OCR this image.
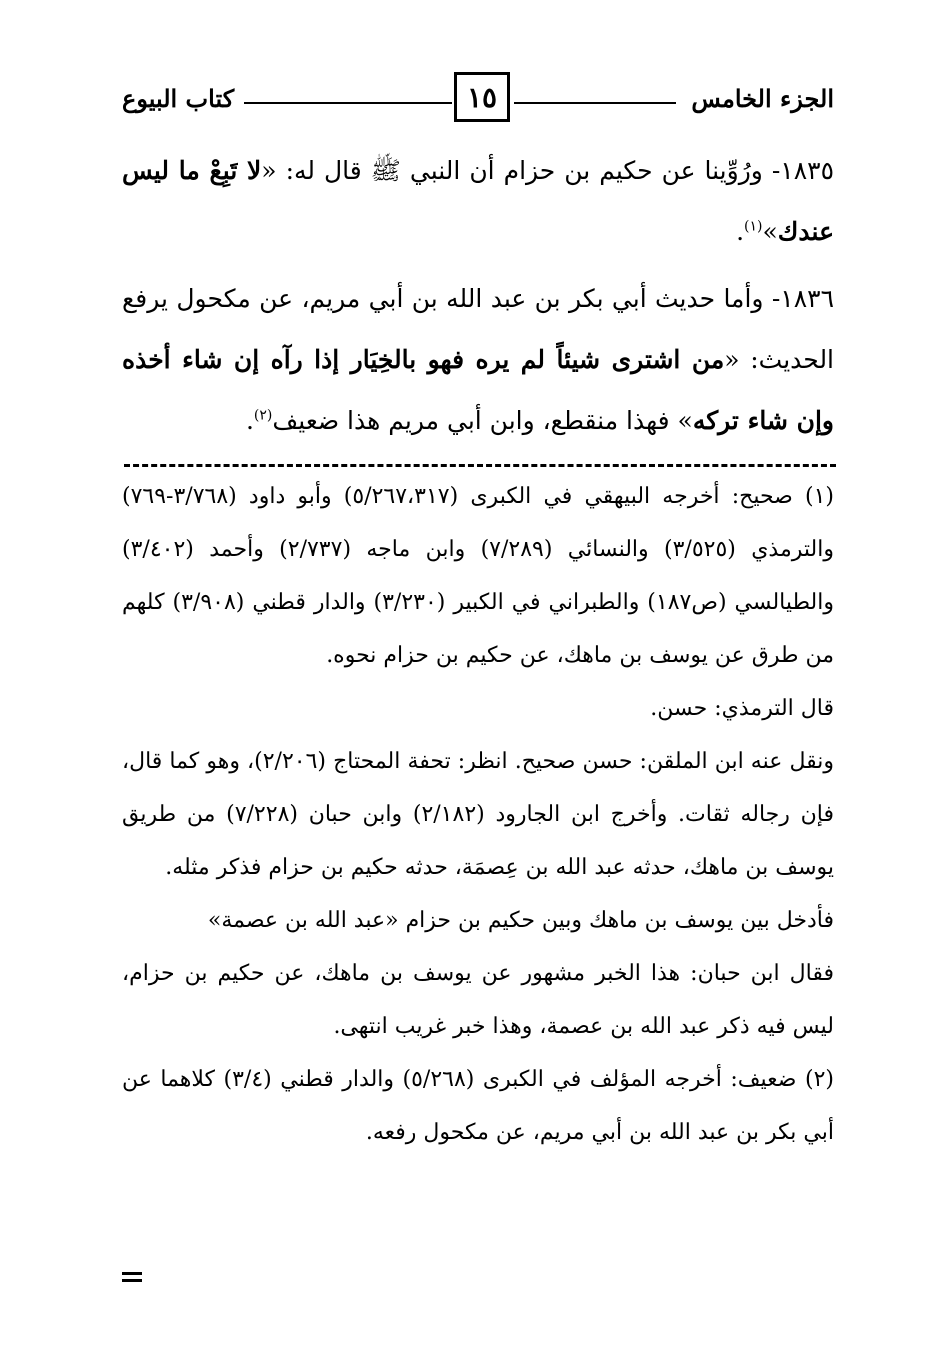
الجزء الخامس
١٥
كتاب البيوع

١٨٣٥- ورُوِّينا عن حكيم بن حزام أن النبي ﷺ قال له: «لا تَبِعْ ما ليس عندك»$^{(١)}$.

١٨٣٦- وأما حديث أبي بكر بن عبد الله بن أبي مريم، عن مكحول يرفع الحديث: «من اشترى شيئاً لم يره فهو بالخِيَار إذا رآه إن شاء أخذه وإن شاء تركه» فهذا منقطع، وابن أبي مريم هذا ضعيف$^{(٢)}$.

(١) صحيح: أخرجه البيهقي في الكبرى (٥/٢٦٧،٣١٧) وأبو داود (٣/٧٦٨-٧٦٩) والترمذي (٣/٥٢٥) والنسائي (٧/٢٨٩) وابن ماجه (٢/٧٣٧) وأحمد (٣/٤٠٢) والطيالسي (ص١٨٧) والطبراني في الكبير (٣/٢٣٠) والدار قطني (٣/٩٠٨) كلهم من طرق عن يوسف بن ماهك، عن حكيم بن حزام نحوه.

قال الترمذي: حسن.

ونقل عنه ابن الملقن: حسن صحيح. انظر: تحفة المحتاج (٢/٢٠٦)، وهو كما قال، فإن رجاله ثقات. وأخرج ابن الجارود (٢/١٨٢) وابن حبان (٧/٢٢٨) من طريق يوسف بن ماهك، حدثه عبد الله بن عِصمَة، حدثه حكيم بن حزام فذكر مثله.

فأدخل بين يوسف بن ماهك وبين حكيم بن حزام «عبد الله بن عصمة»

فقال ابن حبان: هذا الخبر مشهور عن يوسف بن ماهك، عن حكيم بن حزام، ليس فيه ذكر عبد الله بن عصمة، وهذا خبر غريب انتهى.

(٢) ضعيف: أخرجه المؤلف في الكبرى (٥/٢٦٨) والدار قطني (٣/٤) كلاهما عن أبي بكر بن عبد الله بن أبي مريم، عن مكحول رفعه.
